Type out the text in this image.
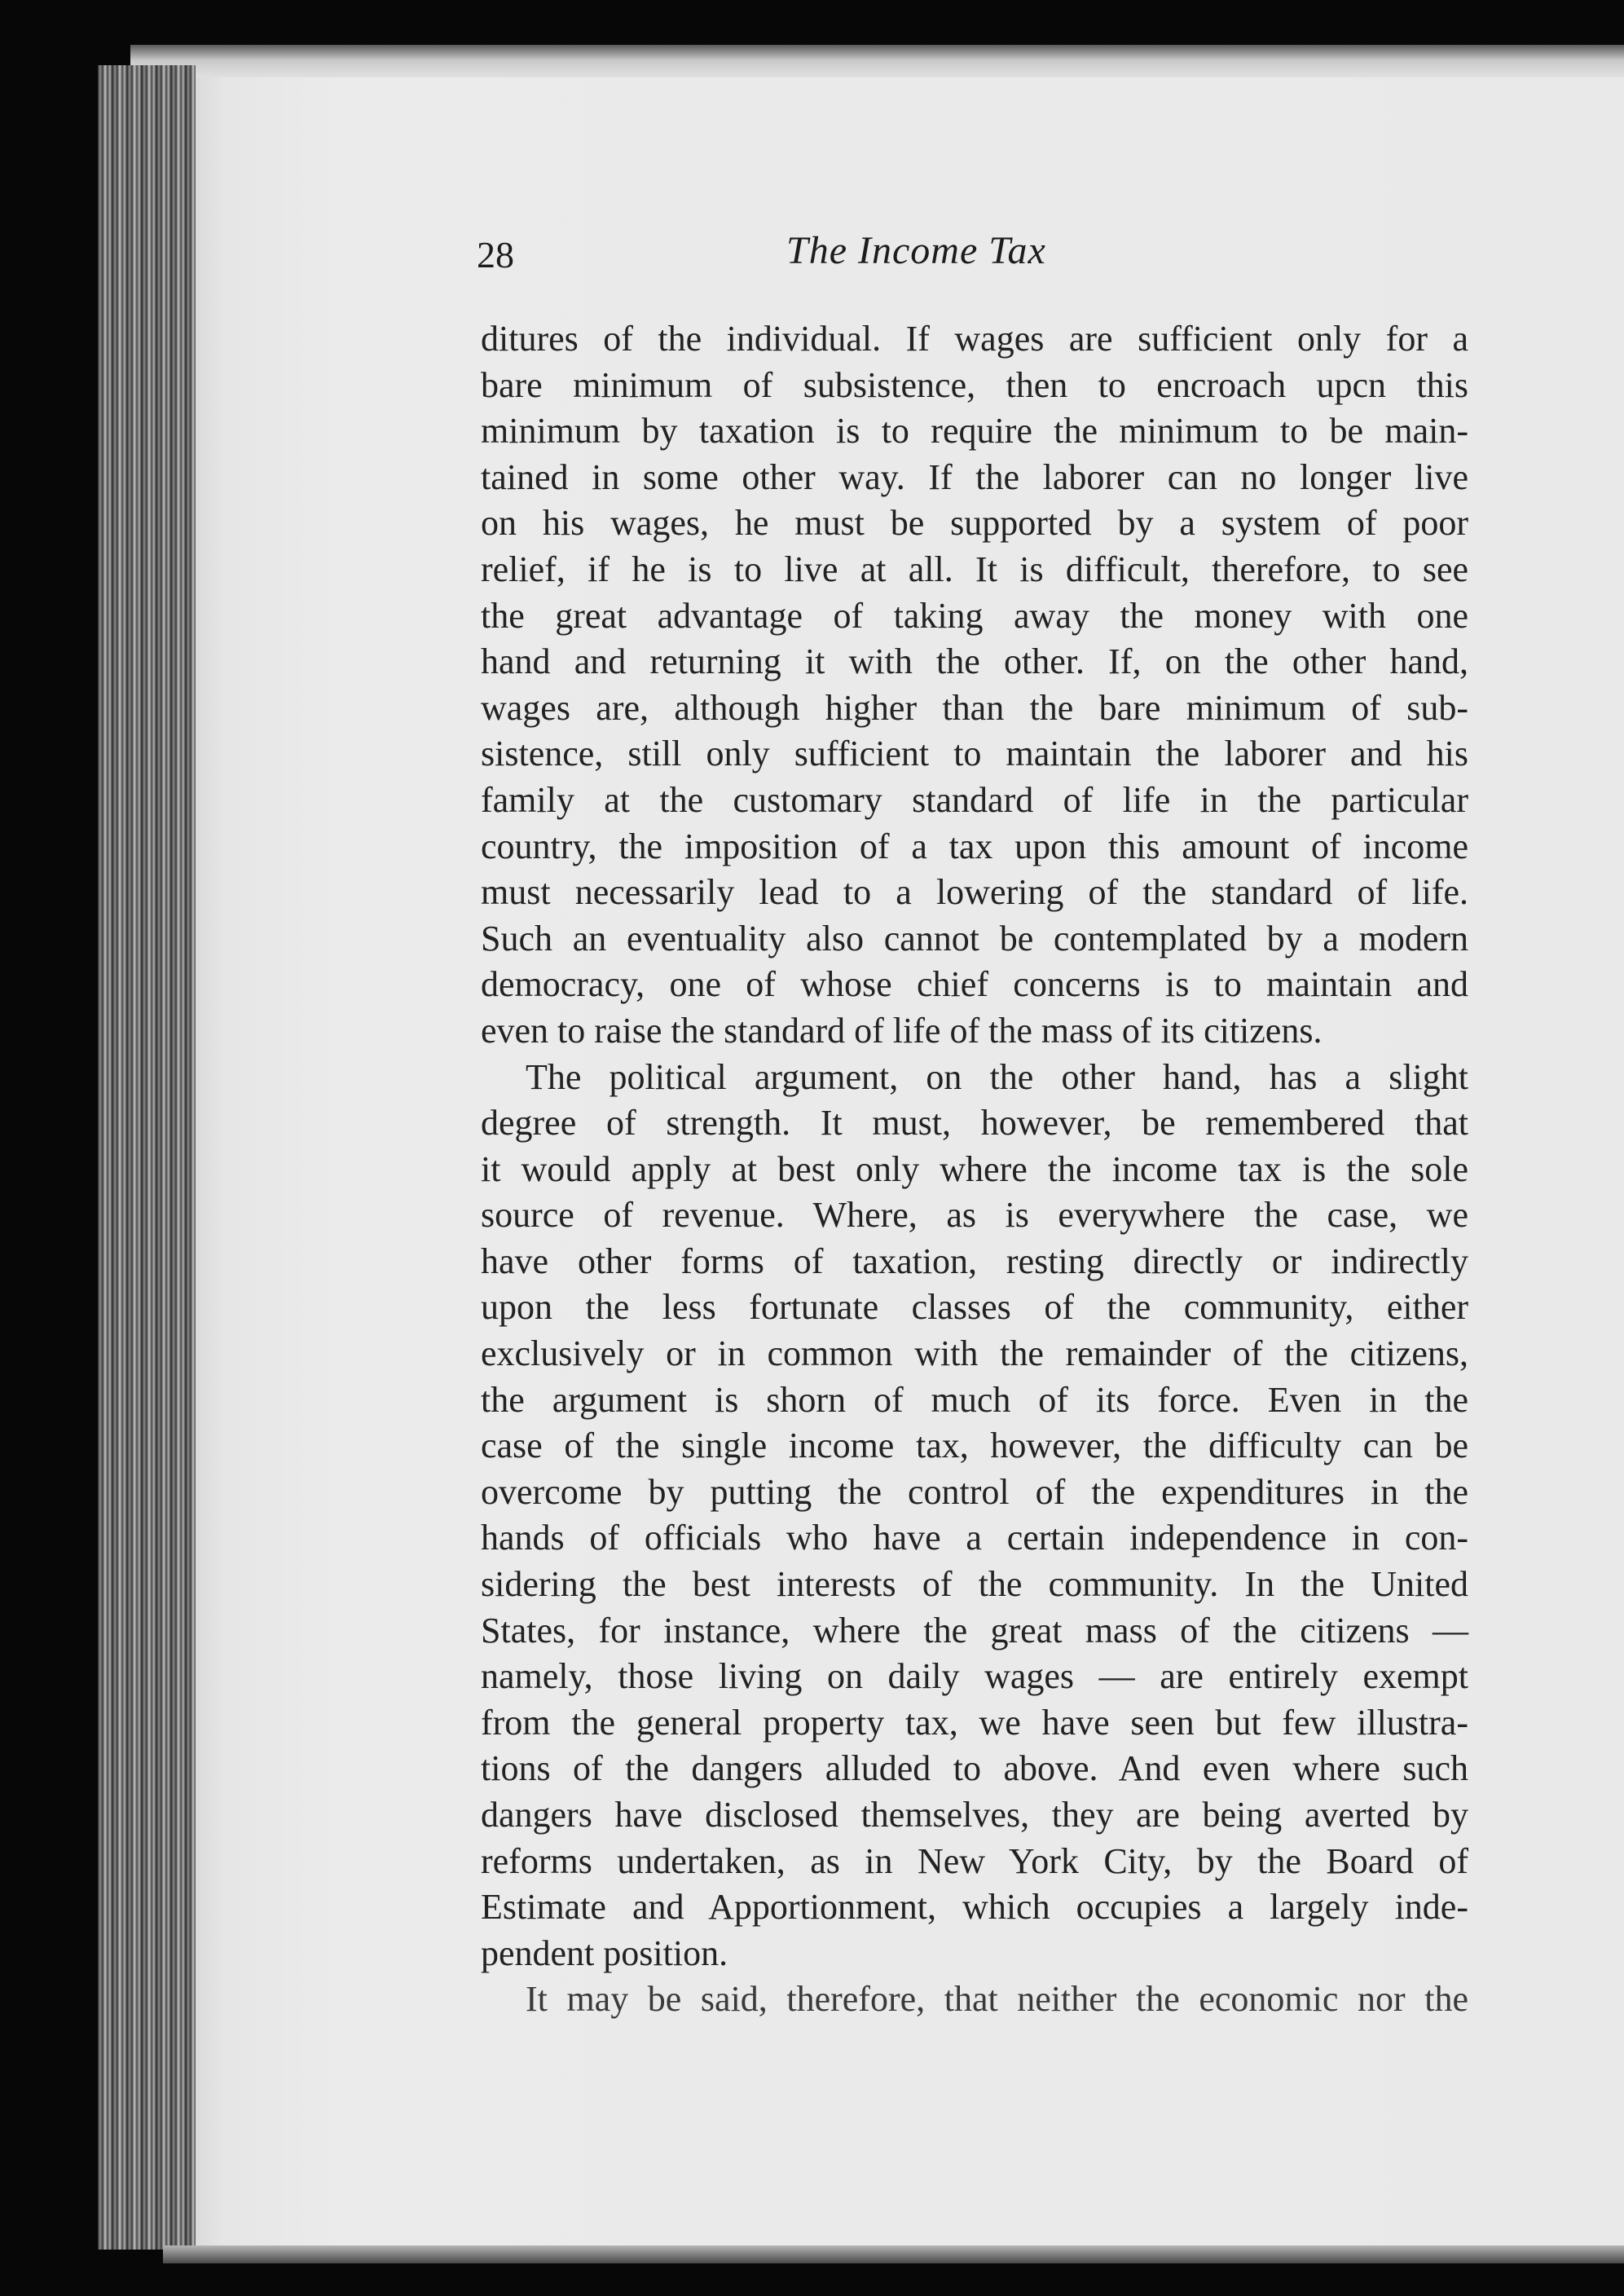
28	The Income Tax
ditures of the individual. If wages are sufficient only for a
bare minimum of subsistence, then to encroach upcn this
minimum by taxation is to require the minimum to be main-
tained in some other way. If the laborer can no longer live
on his wages, he must be supported by a system of poor
relief, if he is to live at all. It is difficult, therefore, to see
the great advantage of taking away the money with one
hand and returning it with the other. If, on the other hand,
wages are, although higher than the bare minimum of sub-
sistence, still only sufficient to maintain the laborer and his
family at the customary standard of life in the particular
country, the imposition of a tax upon this amount of income
must necessarily lead to a lowering of the standard of life.
Such an eventuality also cannot be contemplated by a modern
democracy, one of whose chief concerns is to maintain and
even to raise the standard of life of the mass of its citizens.
The political argument, on the other hand, has a slight
degree of strength. It must, however, be remembered that
it would apply at best only where the income tax is the sole
source of revenue. Where, as is everywhere the case, we
have other forms of taxation, resting directly or indirectly
upon the less fortunate classes of the community, either
exclusively or in common with the remainder of the citizens,
the argument is shorn of much of its force. Even in the
case of the single income tax, however, the difficulty can be
overcome by putting the control of the expenditures in the
hands of officials who have a certain independence in con-
sidering the best interests of the community. In the United
States, for instance, where the great mass of the citizens —
namely, those living on daily wages — are entirely exempt
from the general property tax, we have seen but few illustra-
tions of the dangers alluded to above. And even where such
dangers have disclosed themselves, they are being averted by
reforms undertaken, as in New York City, by the Board of
Estimate and Apportionment, which occupies a largely inde-
pendent position.
It may be said, therefore, that neither the economic nor the
